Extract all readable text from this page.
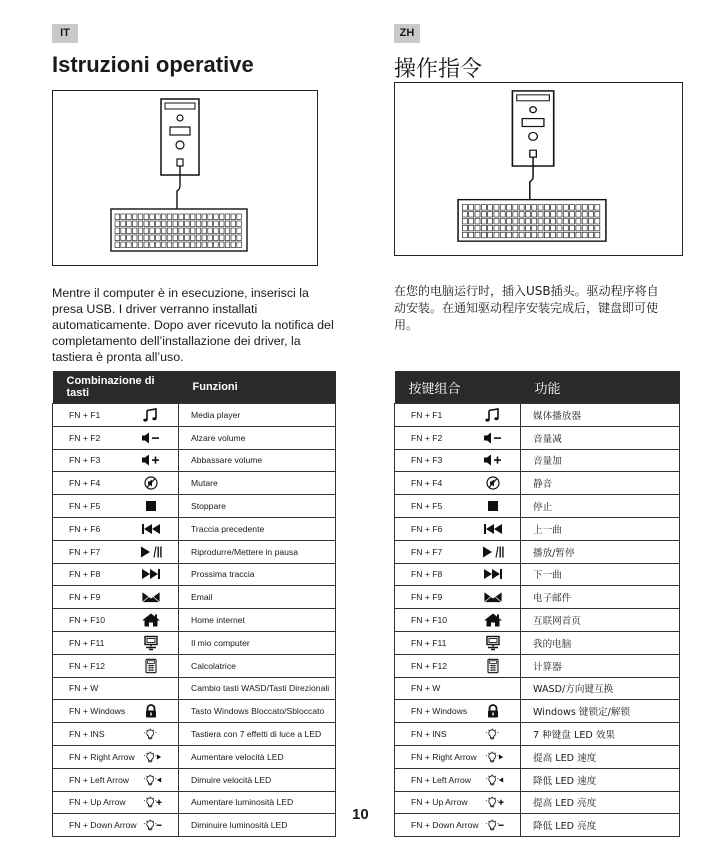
IT
Istruzioni operative
Mentre il computer è in esecuzione, inserisci la presa USB. I driver verranno installati automaticamente. Dopo aver ricevuto la notifica del completamento dell’installazione dei driver, la tastiera è pronta all’uso.
Combinazione di tasti	Funzioni
FN + F1	Media player
FN + F2	Alzare volume
FN + F3	Abbassare volume
FN + F4	Mutare
FN + F5	Stoppare
FN + F6	Traccia precedente
FN + F7	Riprodurre/Mettere in pausa
FN + F8	Prossima traccia
FN + F9	Email
FN + F10	Home internet
FN + F11	Il mio computer
FN + F12	Calcolatrice
FN + W	Cambio tasti WASD/Tasti Direzionali
FN + Windows	Tasto Windows Bloccato/Sbloccato
FN + INS	Tastiera con 7 effetti di luce a LED
FN + Right Arrow	Aumentare velocità LED
FN + Left Arrow	Dimuire velocità LED
FN + Up Arrow	Aumentare luminosità LED
FN + Down Arrow	Diminuire luminosità LED
ZH
操作指令
在您的电脑运行时，插入USB插头。驱动程序将自动安装。在通知驱动程序安装完成后，键盘即可使用。
按键组合	功能
FN + F1	媒体播放器
FN + F2	音量减
FN + F3	音量加
FN + F4	静音
FN + F5	停止
FN + F6	上一曲
FN + F7	播放/暂停
FN + F8	下一曲
FN + F9	电子邮件
FN + F10	互联网首页
FN + F11	我的电脑
FN + F12	计算器
FN + W	WASD/方向键互换
FN + Windows	Windows 键锁定/解锁
FN + INS	7 种键盘 LED 效果
FN + Right Arrow	提高 LED 速度
FN + Left Arrow	降低 LED 速度
FN + Up Arrow	提高 LED 亮度
FN + Down Arrow	降低 LED 亮度
10
